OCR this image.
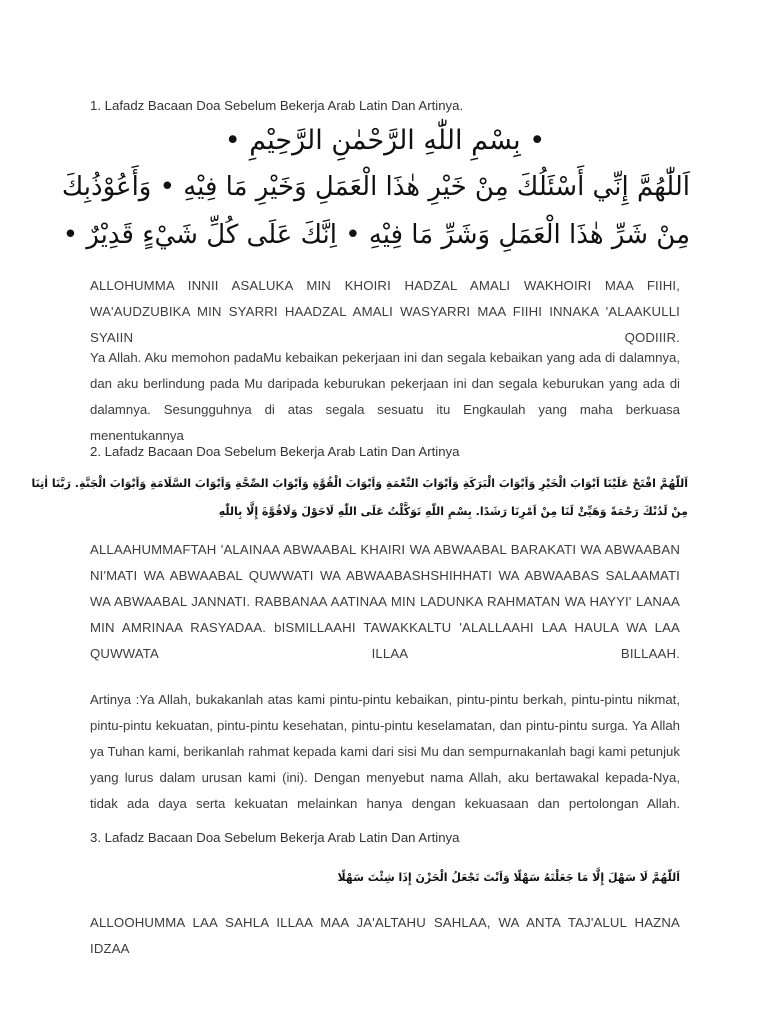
1. Lafadz Bacaan Doa Sebelum Bekerja Arab Latin Dan Artinya.
• بِسْمِ اللّٰهِ الرَّحْمٰنِ الرَّحِيْمِ •
اَللّٰهُمَّ إِنِّي أَسْئَلُكَ مِنْ خَيْرِ هٰذَا الْعَمَلِ وَخَيْرِ مَا فِيْهِ • وَأَعُوْذُبِكَ
مِنْ شَرِّ هٰذَا الْعَمَلِ وَشَرِّ مَا فِيْهِ • اِنَّكَ عَلَى كُلِّ شَيْءٍ قَدِيْرٌ •
ALLOHUMMA INNII ASALUKA MIN KHOIRI HADZAL AMALI WAKHOIRI MAA FIIHI, WA'AUDZUBIKA MIN SYARRI HAADZAL AMALI WASYARRI MAA FIIHI INNAKA 'ALAAKULLI SYAIIN QODIIIR.
Ya Allah. Aku memohon padaMu kebaikan pekerjaan ini dan segala kebaikan yang ada di dalamnya, dan aku berlindung pada Mu daripada keburukan pekerjaan ini dan segala keburukan yang ada di dalamnya. Sesungguhnya di atas segala sesuatu itu Engkaulah yang maha berkuasa menentukannya
2. Lafadz Bacaan Doa Sebelum Bekerja Arab Latin Dan Artinya
اَللّٰهُمَّ افْتَحْ عَلَيْنَا اَبْوَابَ الْخَيْرِ وَاَبْوَابَ الْبَرَكَةِ وَاَبْوَابَ النِّعْمَةِ وَاَبْوَابَ الْقُوَّةِ وَاَبْوَابَ الصِّحَّةِ وَاَبْوَابَ السَّلَامَةِ وَاَبْوَابَ الْجَنَّةِ. رَبَّنَا اٰتِنَا
مِنْ لَدُنْكَ رَحْمَةً وَهَيِّئْ لَنَا مِنْ اَمْرِنَا رَشَدًا. بِسْمِ اللّٰهِ تَوَكَّلْتُ عَلَى اللّٰهِ لَاحَوْلَ وَلَاقُوَّةَ إِلَّا بِاللّٰهِ
ALLAAHUMMAFTAH 'ALAINAA ABWAABAL KHAIRI WA ABWAABAL BARAKATI WA ABWAABAN NI'MATI WA ABWAABAL QUWWATI WA ABWAABASHSHIHHATI WA ABWAABAS SALAAMATI WA ABWAABAL JANNATI. RABBANAA AATINAA MIN LADUNKA RAHMATAN WA HAYYI' LANAA MIN AMRINAA RASYADAA. bISMILLAAHI TAWAKKALTU 'ALALLAAHI LAA HAULA WA LAA QUWWATA ILLAA BILLAAH.
Artinya :Ya Allah, bukakanlah atas kami pintu-pintu kebaikan, pintu-pintu berkah, pintu-pintu nikmat, pintu-pintu kekuatan, pintu-pintu kesehatan, pintu-pintu keselamatan, dan pintu-pintu surga. Ya Allah ya Tuhan kami, berikanlah rahmat kepada kami dari sisi Mu dan sempurnakanlah bagi kami petunjuk yang lurus dalam urusan kami (ini). Dengan menyebut nama Allah, aku bertawakal kepada-Nya, tidak ada daya serta kekuatan melainkan hanya dengan kekuasaan dan pertolongan Allah.
3. Lafadz Bacaan Doa Sebelum Bekerja Arab Latin Dan Artinya
اَللّٰهُمَّ لَا سَهْلَ إِلَّا مَا جَعَلْتَهُ سَهْلًا وَاَنْتَ تَجْعَلُ الْحَزْنَ إِذَا شِئْتَ سَهْلًا
ALLOOHUMMA LAA SAHLA ILLAA MAA JA'ALTAHU SAHLAA, WA ANTA TAJ'ALUL HAZNA IDZAA
